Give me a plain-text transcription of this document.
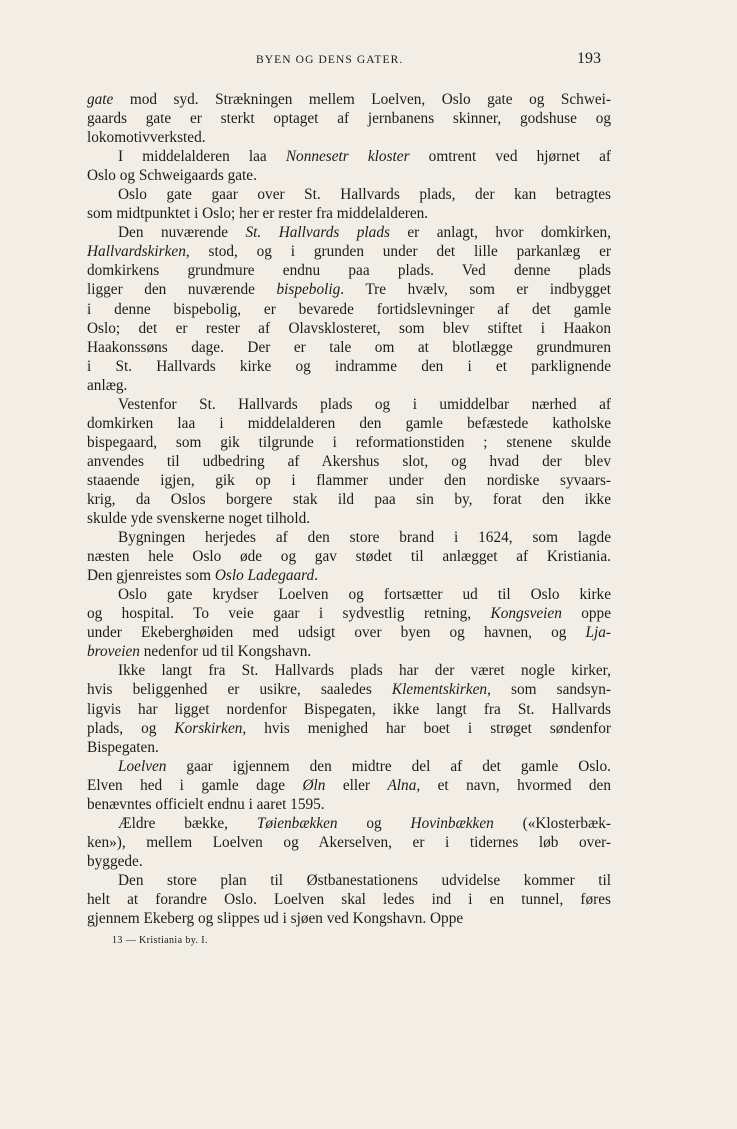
BYEN OG DENS GATER.	193
gate mod syd. Strækningen mellem Loelven, Oslo gate og Schwei-
gaards gate er sterkt optaget af jernbanens skinner, godshuse og
lokomotivverksted.
I middelalderen laa Nonnesetr kloster omtrent ved hjørnet af
Oslo og Schweigaards gate.
Oslo gate gaar over St. Hallvards plads, der kan betragtes
som midtpunktet i Oslo; her er rester fra middelalderen.
Den nuværende St. Hallvards plads er anlagt, hvor domkirken,
Hallvardskirken, stod, og i grunden under det lille parkanlæg er
domkirkens grundmure endnu paa plads. Ved denne plads
ligger den nuværende bispebolig. Tre hvælv, som er indbygget
i denne bispebolig, er bevarede fortidslevninger af det gamle
Oslo; det er rester af Olavsklosteret, som blev stiftet i Haakon
Haakonssøns dage. Der er tale om at blotlægge grundmuren
i St. Hallvards kirke og indramme den i et parklignende
anlæg.
Vestenfor St. Hallvards plads og i umiddelbar nærhed af
domkirken laa i middelalderen den gamle befæstede katholske
bispegaard, som gik tilgrunde i reformationstiden ; stenene skulde
anvendes til udbedring af Akershus slot, og hvad der blev
staaende igjen, gik op i flammer under den nordiske syvaars-
krig, da Oslos borgere stak ild paa sin by, forat den ikke
skulde yde svenskerne noget tilhold.
Bygningen herjedes af den store brand i 1624, som lagde
næsten hele Oslo øde og gav stødet til anlægget af Kristiania.
Den gjenreistes som Oslo Ladegaard.
Oslo gate krydser Loelven og fortsætter ud til Oslo kirke
og hospital. To veie gaar i sydvestlig retning, Kongsveien oppe
under Ekeberghøiden med udsigt over byen og havnen, og Lja-
broveien nedenfor ud til Kongshavn.
Ikke langt fra St. Hallvards plads har der været nogle kirker,
hvis beliggenhed er usikre, saaledes Klementskirken, som sandsyn-
ligvis har ligget nordenfor Bispegaten, ikke langt fra St. Hallvards
plads, og Korskirken, hvis menighed har boet i strøget søndenfor
Bispegaten.
Loelven gaar igjennem den midtre del af det gamle Oslo.
Elven hed i gamle dage Øln eller Alna, et navn, hvormed den
benævntes officielt endnu i aaret 1595.
Ældre bække, Tøienbækken og Hovinbækken («Klosterbæk-
ken»), mellem Loelven og Akerselven, er i tidernes løb over-
byggede.
Den store plan til Østbanestationens udvidelse kommer til
helt at forandre Oslo. Loelven skal ledes ind i en tunnel, føres
gjennem Ekeberg og slippes ud i sjøen ved Kongshavn. Oppe
13 — Kristiania by. I.
